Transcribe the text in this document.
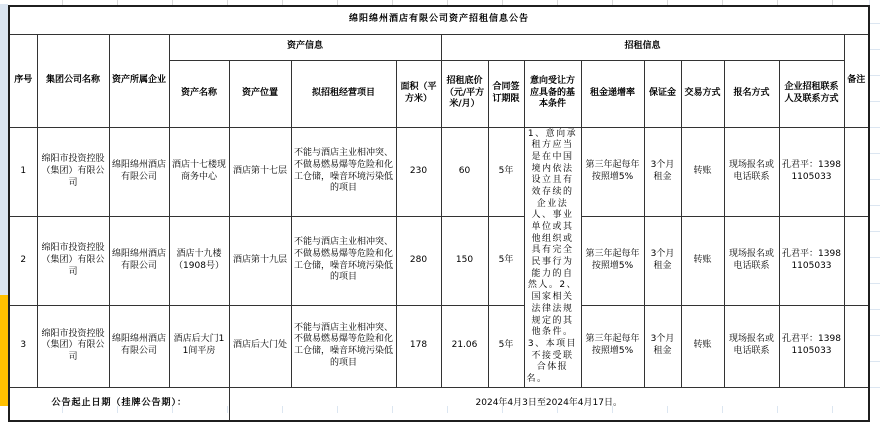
绵阳绵州酒店有限公司资产招租信息公告															
序号	集团公司名称	资产所属企业	资产信息				招租信息								备注
			资产名称	资产位置	拟招租经营项目	面积（平方米）	招租底价（元/平方米/月）	合同签订期限	意向受让方应具备的基本条件	租金递增率	保证金	交易方式	报名方式	企业招租联系人及联系方式	
1	绵阳市投资控股（集团）有限公司	绵阳绵州酒店有限公司	酒店十七楼现商务中心	酒店第十七层	不能与酒店主业相冲突、不做易燃易爆等危险和化工仓储，噪音环境污染低的项目	230	60	5年	1、意向承租方应当是在中国境内依法设立且有效存续的企业法人、事业单位或其他组织或具有完全民事行为能力的自然人。2、国家相关法律法规规定的其他条件。3、本项目不接受联合体报名。	第三年起每年按照增5%	3个月租金	转账	现场报名或电话联系	孔君平：13981105033	
2	绵阳市投资控股（集团）有限公司	绵阳绵州酒店有限公司	酒店十九楼（1908号）	酒店第十九层	不能与酒店主业相冲突、不做易燃易爆等危险和化工仓储，噪音环境污染低的项目	280	150	5年		第三年起每年按照增5%	3个月租金	转账	现场报名或电话联系	孔君平：13981105033	
3	绵阳市投资控股（集团）有限公司	绵阳绵州酒店有限公司	酒店后大门11间平房	酒店后大门处	不能与酒店主业相冲突、不做易燃易爆等危险和化工仓储，噪音环境污染低的项目	178	21.06	5年		第三年起每年按照增5%	3个月租金	转账	现场报名或电话联系	孔君平：13981105033	
公告起止日期（挂牌公告期）：				2024年4月3日至2024年4月17日。											
